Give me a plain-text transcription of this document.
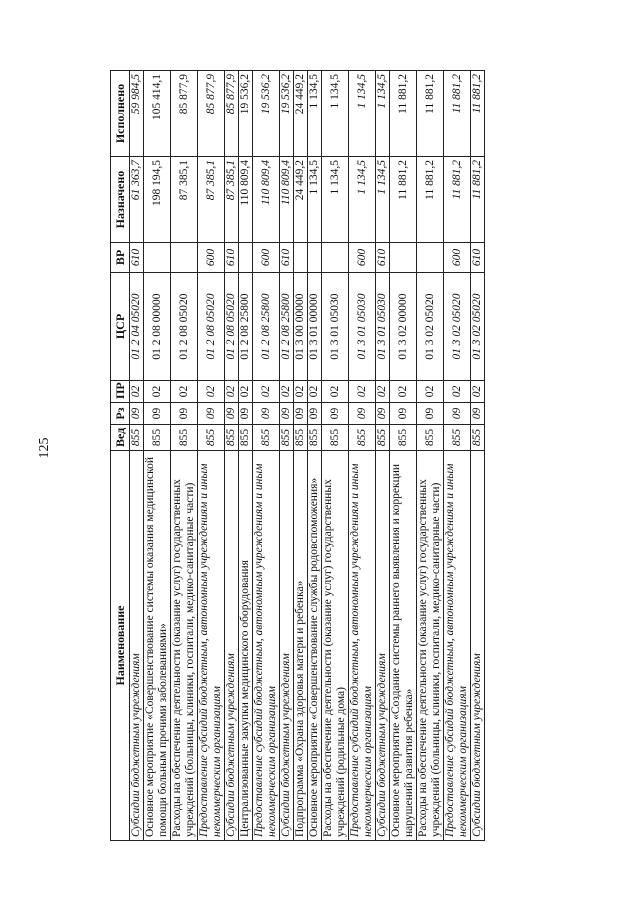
125
Наименование	Вед	Рз	ПР	ЦСР	ВР	Назначено	Исполнено
Субсидии бюджетным учреждениям	855	09	02	01 2 04 05020	610	61 363,7	59 984,5
Основное мероприятие «Совершенствование системы оказания медицинской помощи больным прочими заболеваниями»	855	09	02	01 2 08 00000		198 194,5	105 414,1
Расходы на обеспечение деятельности (оказание услуг) государственных учреждений (больницы, клиники, госпитали, медико-санитарные части)	855	09	02	01 2 08 05020		87 385,1	85 877,9
Предоставление субсидий бюджетным, автономным учреждениям и иным некоммерческим организациям	855	09	02	01 2 08 05020	600	87 385,1	85 877,9
Субсидии бюджетным учреждениям	855	09	02	01 2 08 05020	610	87 385,1	85 877,9
Централизованные закупки медицинского оборудования	855	09	02	01 2 08 25800		110 809,4	19 536,2
Предоставление субсидий бюджетным, автономным учреждениям и иным некоммерческим организациям	855	09	02	01 2 08 25800	600	110 809,4	19 536,2
Субсидии бюджетным учреждениям	855	09	02	01 2 08 25800	610	110 809,4	19 536,2
Подпрограмма «Охрана здоровья матери и ребенка»	855	09	02	01 3 00 00000		24 449,2	24 449,2
Основное мероприятие «Совершенствование службы родовспоможения»	855	09	02	01 3 01 00000		1 134,5	1 134,5
Расходы на обеспечение деятельности (оказание услуг) государственных учреждений (родильные дома)	855	09	02	01 3 01 05030		1 134,5	1 134,5
Предоставление субсидий бюджетным, автономным учреждениям и иным некоммерческим организациям	855	09	02	01 3 01 05030	600	1 134,5	1 134,5
Субсидии бюджетным учреждениям	855	09	02	01 3 01 05030	610	1 134,5	1 134,5
Основное мероприятие «Создание системы раннего выявления и коррекции нарушений развития ребенка»	855	09	02	01 3 02 00000		11 881,2	11 881,2
Расходы на обеспечение деятельности (оказание услуг) государственных учреждений (больницы, клиники, госпитали, медико-санитарные части)	855	09	02	01 3 02 05020		11 881,2	11 881,2
Предоставление субсидий бюджетным, автономным учреждениям и иным некоммерческим организациям	855	09	02	01 3 02 05020	600	11 881,2	11 881,2
Субсидии бюджетным учреждениям	855	09	02	01 3 02 05020	610	11 881,2	11 881,2
